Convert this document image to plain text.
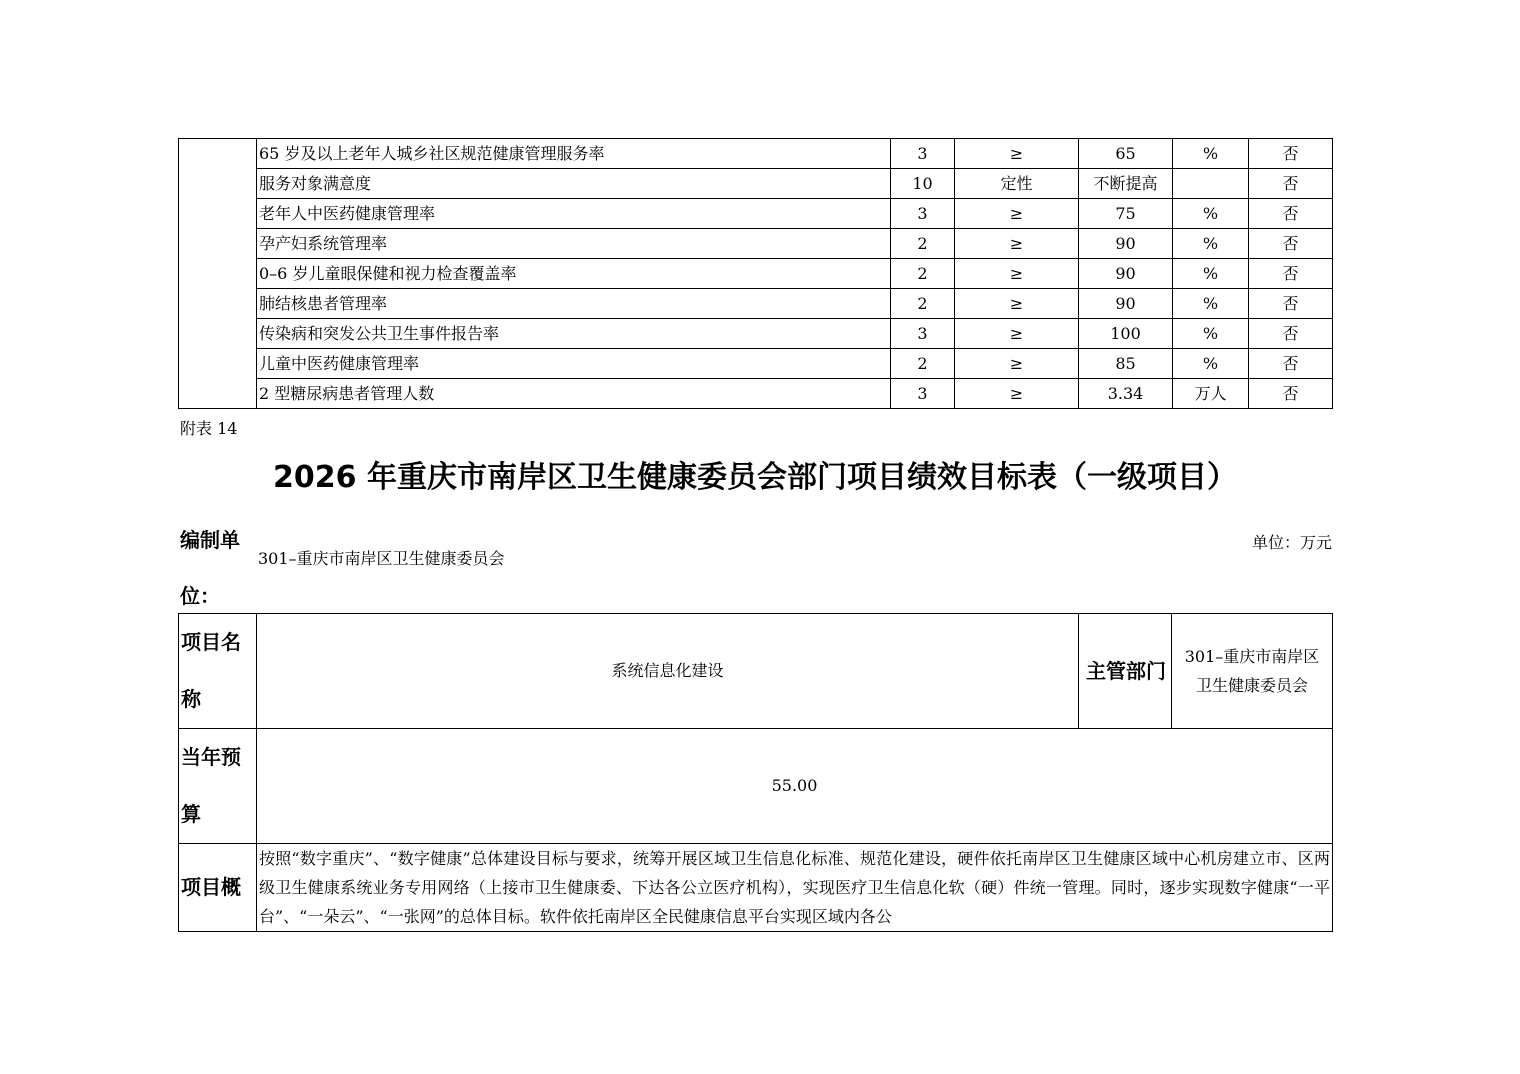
	65 岁及以上老年人城乡社区规范健康管理服务率	3	≥	65	%	否
	服务对象满意度	10	定性	不断提高		否
	老年人中医药健康管理率	3	≥	75	%	否
	孕产妇系统管理率	2	≥	90	%	否
	0–6 岁儿童眼保健和视力检查覆盖率	2	≥	90	%	否
	肺结核患者管理率	2	≥	90	%	否
	传染病和突发公共卫生事件报告率	3	≥	100	%	否
	儿童中医药健康管理率	2	≥	85	%	否
	2 型糖尿病患者管理人数	3	≥	3.34	万人	否
附表 14
2026 年重庆市南岸区卫生健康委员会部门项目绩效目标表（一级项目）
编制单位：
301–重庆市南岸区卫生健康委员会
单位：万元
项目名称	系统信息化建设	主管部门	301–重庆市南岸区卫生健康委员会
当年预算	55.00		
项目概	按照“数字重庆”、“数字健康”总体建设目标与要求，统筹开展区域卫生信息化标准、规范化建设，硬件依托南岸区卫生健康区域中心机房建立市、区两级卫生健康系统业务专用网络（上接市卫生健康委、下达各公立医疗机构），实现医疗卫生信息化软（硬）件统一管理。同时，逐步实现数字健康“一平台”、“一朵云”、“一张网”的总体目标。软件依托南岸区全民健康信息平台实现区域内各公		
